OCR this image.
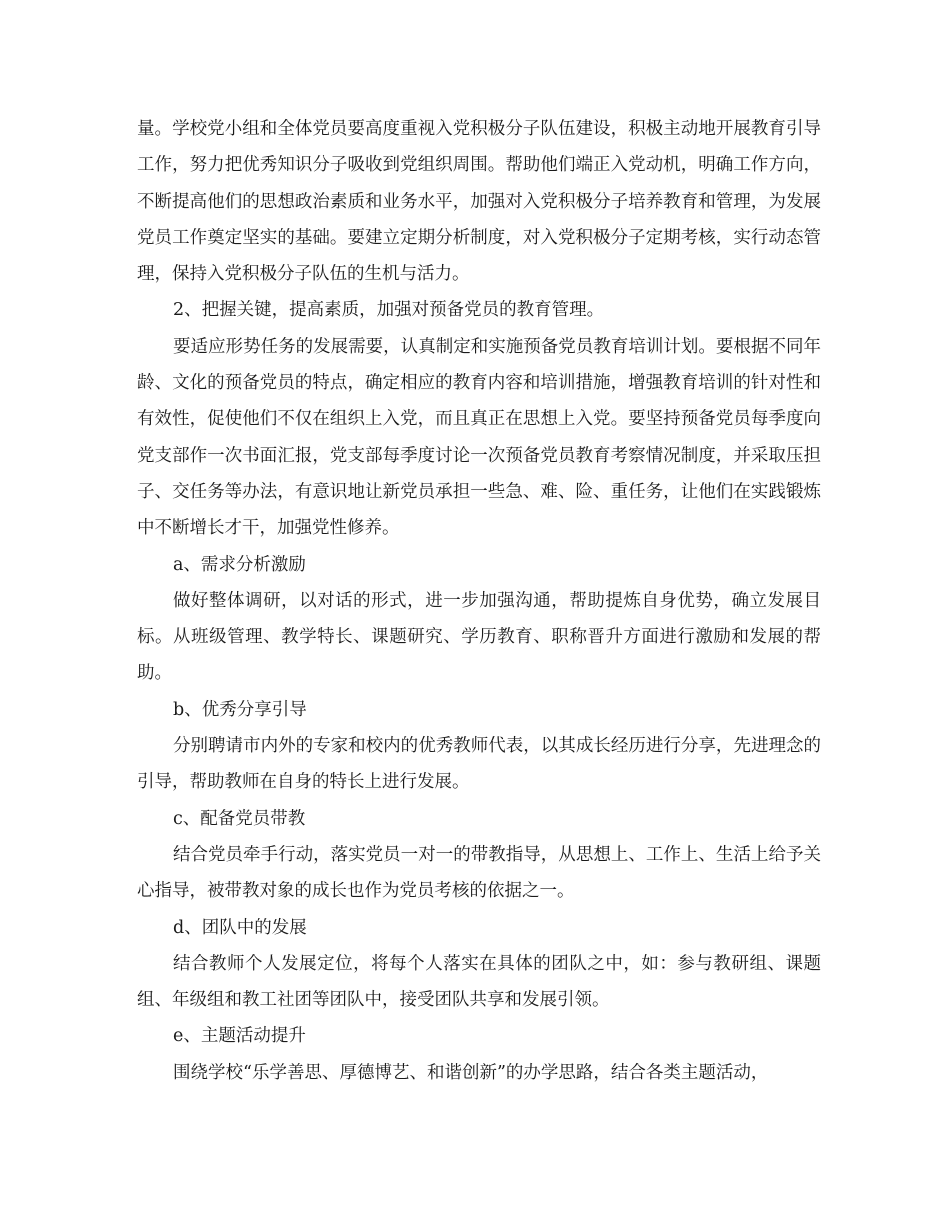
量。学校党小组和全体党员要高度重视入党积极分子队伍建设，积极主动地开展教育引导工作，努力把优秀知识分子吸收到党组织周围。帮助他们端正入党动机，明确工作方向，不断提高他们的思想政治素质和业务水平，加强对入党积极分子培养教育和管理，为发展党员工作奠定坚实的基础。要建立定期分析制度，对入党积极分子定期考核，实行动态管理，保持入党积极分子队伍的生机与活力。

2、把握关键，提高素质，加强对预备党员的教育管理。

要适应形势任务的发展需要，认真制定和实施预备党员教育培训计划。要根据不同年龄、文化的预备党员的特点，确定相应的教育内容和培训措施，增强教育培训的针对性和有效性，促使他们不仅在组织上入党，而且真正在思想上入党。要坚持预备党员每季度向党支部作一次书面汇报，党支部每季度讨论一次预备党员教育考察情况制度，并采取压担子、交任务等办法，有意识地让新党员承担一些急、难、险、重任务，让他们在实践锻炼中不断增长才干，加强党性修养。

a、需求分析激励

做好整体调研，以对话的形式，进一步加强沟通，帮助提炼自身优势，确立发展目标。从班级管理、教学特长、课题研究、学历教育、职称晋升方面进行激励和发展的帮助。

b、优秀分享引导

分别聘请市内外的专家和校内的优秀教师代表，以其成长经历进行分享，先进理念的引导，帮助教师在自身的特长上进行发展。

c、配备党员带教

结合党员牵手行动，落实党员一对一的带教指导，从思想上、工作上、生活上给予关心指导，被带教对象的成长也作为党员考核的依据之一。

d、团队中的发展

结合教师个人发展定位，将每个人落实在具体的团队之中，如：参与教研组、课题组、年级组和教工社团等团队中，接受团队共享和发展引领。

e、主题活动提升

围绕学校“乐学善思、厚德博艺、和谐创新”的办学思路，结合各类主题活动，
